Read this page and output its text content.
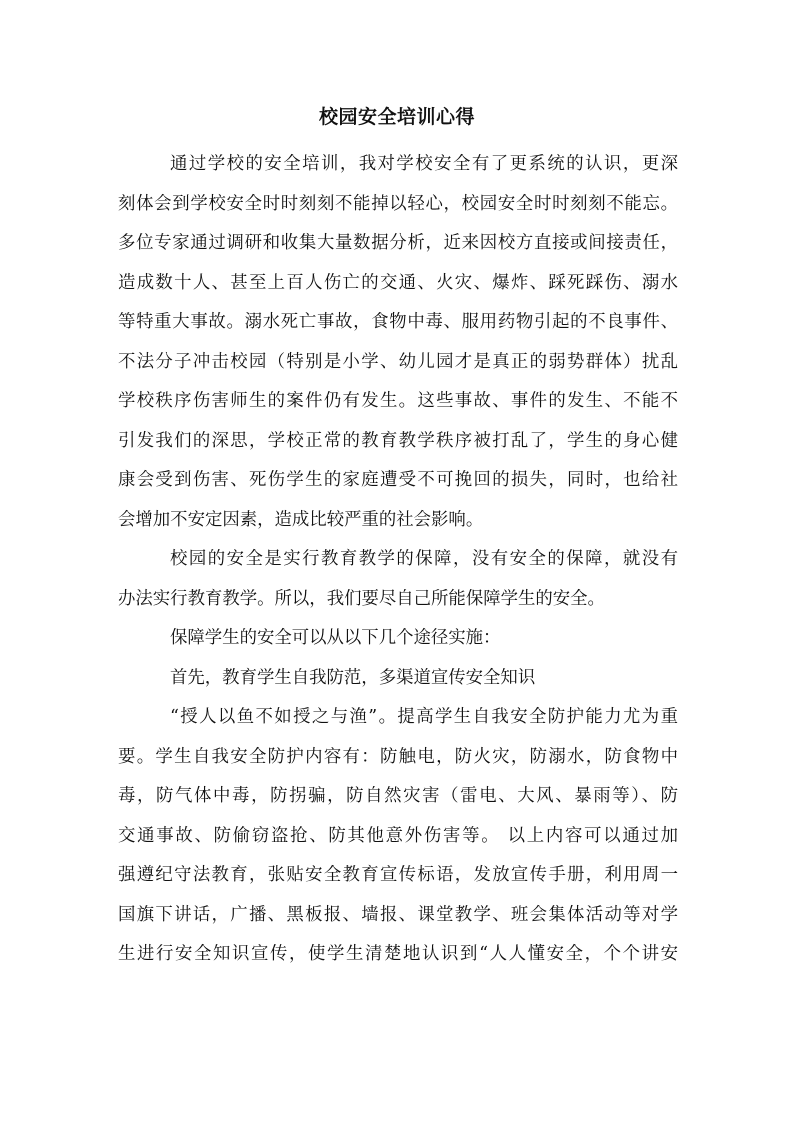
校园安全培训心得
通过学校的安全培训，我对学校安全有了更系统的认识，更深
刻体会到学校安全时时刻刻不能掉以轻心，校园安全时时刻刻不能忘。
多位专家通过调研和收集大量数据分析，近来因校方直接或间接责任，
造成数十人、甚至上百人伤亡的交通、火灾、爆炸、踩死踩伤、溺水
等特重大事故。溺水死亡事故，食物中毒、服用药物引起的不良事件、
不法分子冲击校园（特别是小学、幼儿园才是真正的弱势群体）扰乱
学校秩序伤害师生的案件仍有发生。这些事故、事件的发生、不能不
引发我们的深思，学校正常的教育教学秩序被打乱了，学生的身心健
康会受到伤害、死伤学生的家庭遭受不可挽回的损失，同时，也给社
会增加不安定因素，造成比较严重的社会影响。
校园的安全是实行教育教学的保障，没有安全的保障，就没有
办法实行教育教学。所以，我们要尽自己所能保障学生的安全。
保障学生的安全可以从以下几个途径实施：
首先，教育学生自我防范，多渠道宣传安全知识
“授人以鱼不如授之与渔”。提高学生自我安全防护能力尤为重
要。学生自我安全防护内容有：防触电，防火灾，防溺水，防食物中
毒，防气体中毒，防拐骗，防自然灾害（雷电、大风、暴雨等）、防
交通事故、防偷窃盗抢、防其他意外伤害等。 以上内容可以通过加
强遵纪守法教育，张贴安全教育宣传标语，发放宣传手册，利用周一
国旗下讲话，广播、黑板报、墙报、课堂教学、班会集体活动等对学
生进行安全知识宣传，使学生清楚地认识到“人人懂安全，个个讲安
